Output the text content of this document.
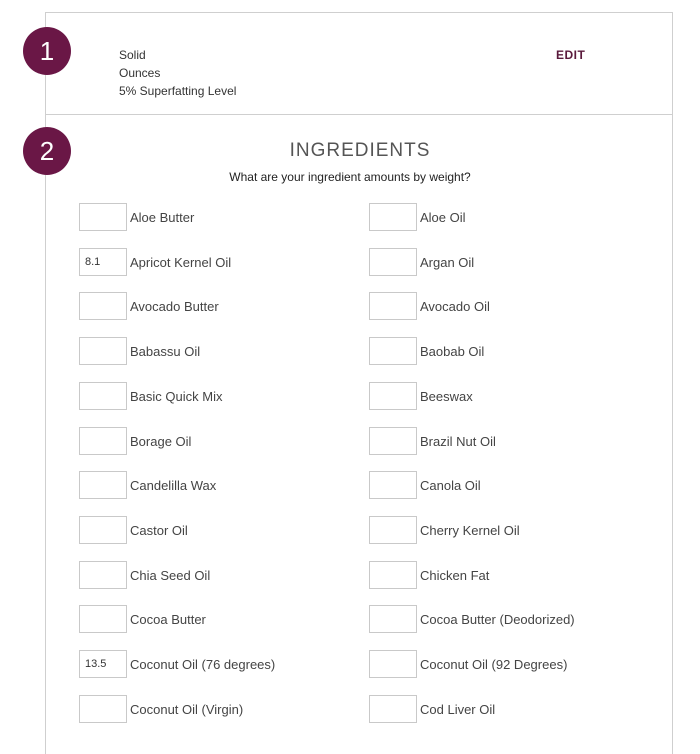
1	Solid
Ounces
5% Superfatting Level
EDIT
2	INGREDIENTS
What are your ingredient amounts by weight?
Aloe Butter	Aloe Oil
8.1
Apricot Kernel Oil	Argan Oil
Avocado Butter	Avocado Oil
Babassu Oil	Baobab Oil
Basic Quick Mix	Beeswax
Borage Oil	Brazil Nut Oil
Candelilla Wax	Canola Oil
Castor Oil	Cherry Kernel Oil
Chia Seed Oil	Chicken Fat
Cocoa Butter	Cocoa Butter (Deodorized)
13.5
Coconut Oil (76 degrees)	Coconut Oil (92 Degrees)
Coconut Oil (Virgin)	Cod Liver Oil
